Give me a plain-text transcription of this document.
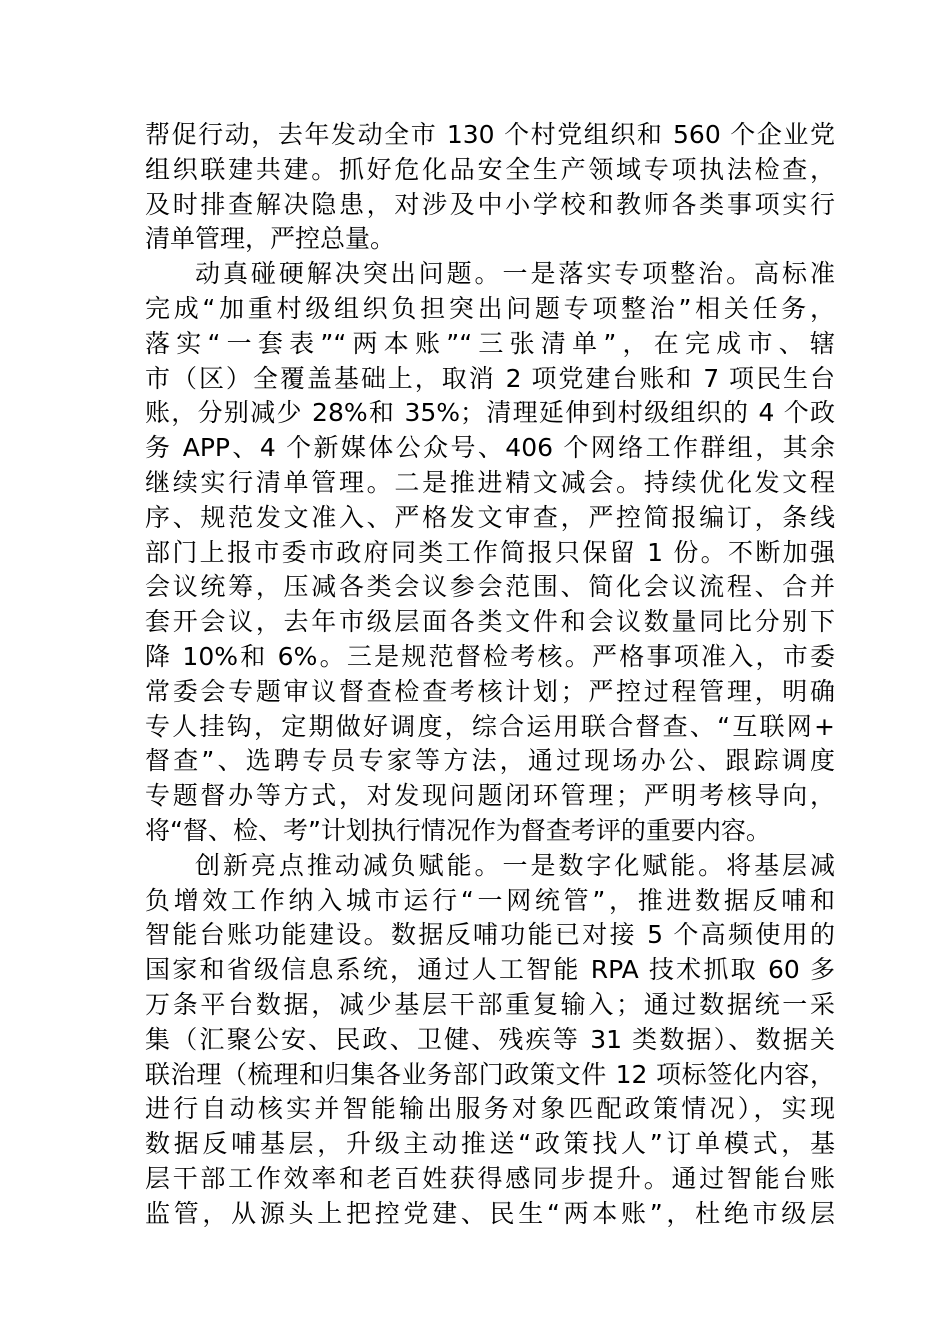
帮促行动，去年发动全市 130 个村党组织和 560 个企业党
组织联建共建。抓好危化品安全生产领域专项执法检查，
及时排查解决隐患，对涉及中小学校和教师各类事项实行
清单管理，严控总量。
动真碰硬解决突出问题。一是落实专项整治。高标准
完成“加重村级组织负担突出问题专项整治”相关任务，
落实“一套表”“两本账”“三张清单”，在完成市、辖
市（区）全覆盖基础上，取消 2 项党建台账和 7 项民生台
账，分别减少 28%和 35%；清理延伸到村级组织的 4 个政
务 APP、4 个新媒体公众号、406 个网络工作群组，其余
继续实行清单管理。二是推进精文减会。持续优化发文程
序、规范发文准入、严格发文审查，严控简报编订，条线
部门上报市委市政府同类工作简报只保留 1 份。不断加强
会议统筹，压减各类会议参会范围、简化会议流程、合并
套开会议，去年市级层面各类文件和会议数量同比分别下
降 10%和 6%。三是规范督检考核。严格事项准入，市委
常委会专题审议督查检查考核计划；严控过程管理，明确
专人挂钩，定期做好调度，综合运用联合督查、“互联网+
督查”、选聘专员专家等方法，通过现场办公、跟踪调度
专题督办等方式，对发现问题闭环管理；严明考核导向，
将“督、检、考”计划执行情况作为督查考评的重要内容。
创新亮点推动减负赋能。一是数字化赋能。将基层减
负增效工作纳入城市运行“一网统管”，推进数据反哺和
智能台账功能建设。数据反哺功能已对接 5 个高频使用的
国家和省级信息系统，通过人工智能 RPA 技术抓取 60 多
万条平台数据，减少基层干部重复输入；通过数据统一采
集（汇聚公安、民政、卫健、残疾等 31 类数据）、数据关
联治理（梳理和归集各业务部门政策文件 12 项标签化内容，
进行自动核实并智能输出服务对象匹配政策情况），实现
数据反哺基层，升级主动推送“政策找人”订单模式，基
层干部工作效率和老百姓获得感同步提升。通过智能台账
监管，从源头上把控党建、民生“两本账”，杜绝市级层
